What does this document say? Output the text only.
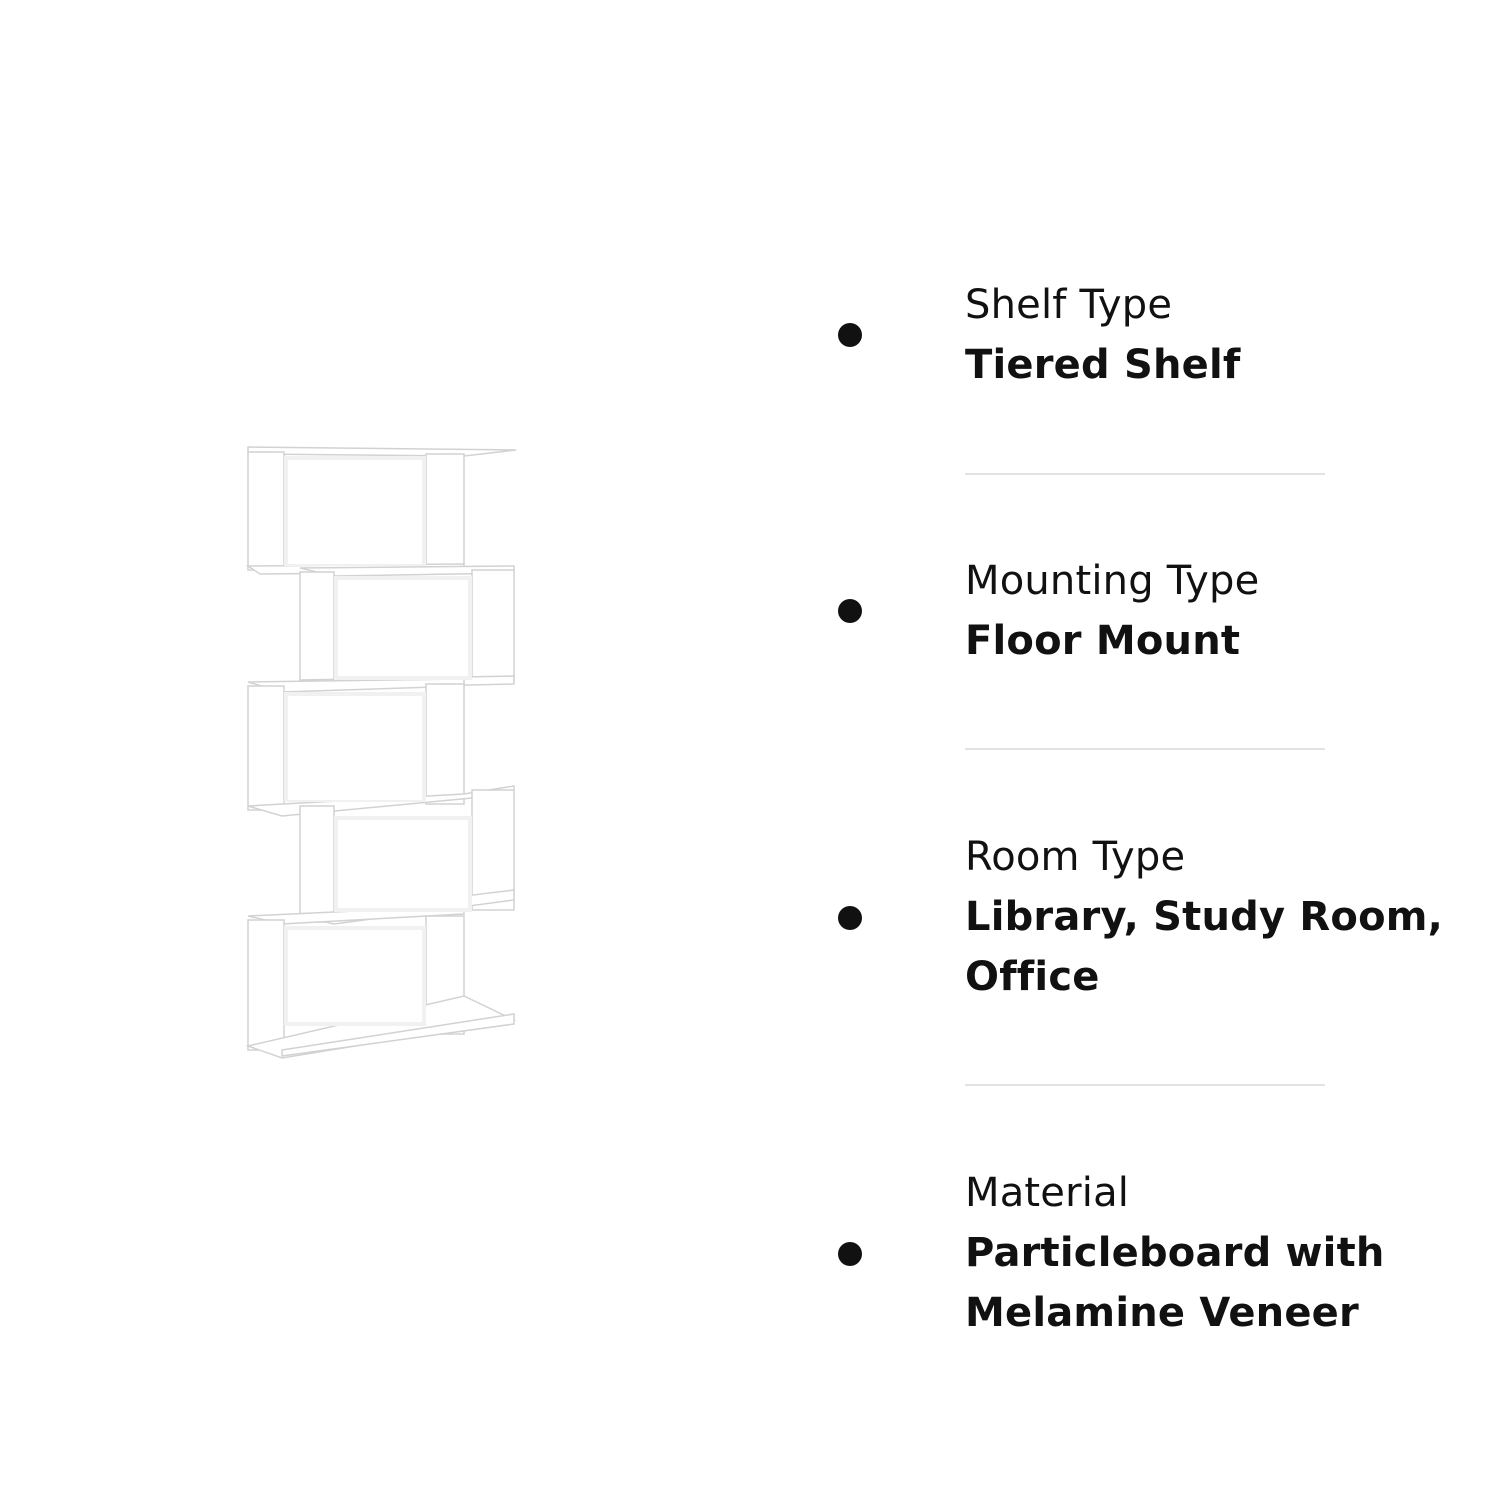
Shelf Type
Tiered Shelf
Mounting Type
Floor Mount
Room Type
Library, Study Room, Office
Material
Particleboard with Melamine Veneer
